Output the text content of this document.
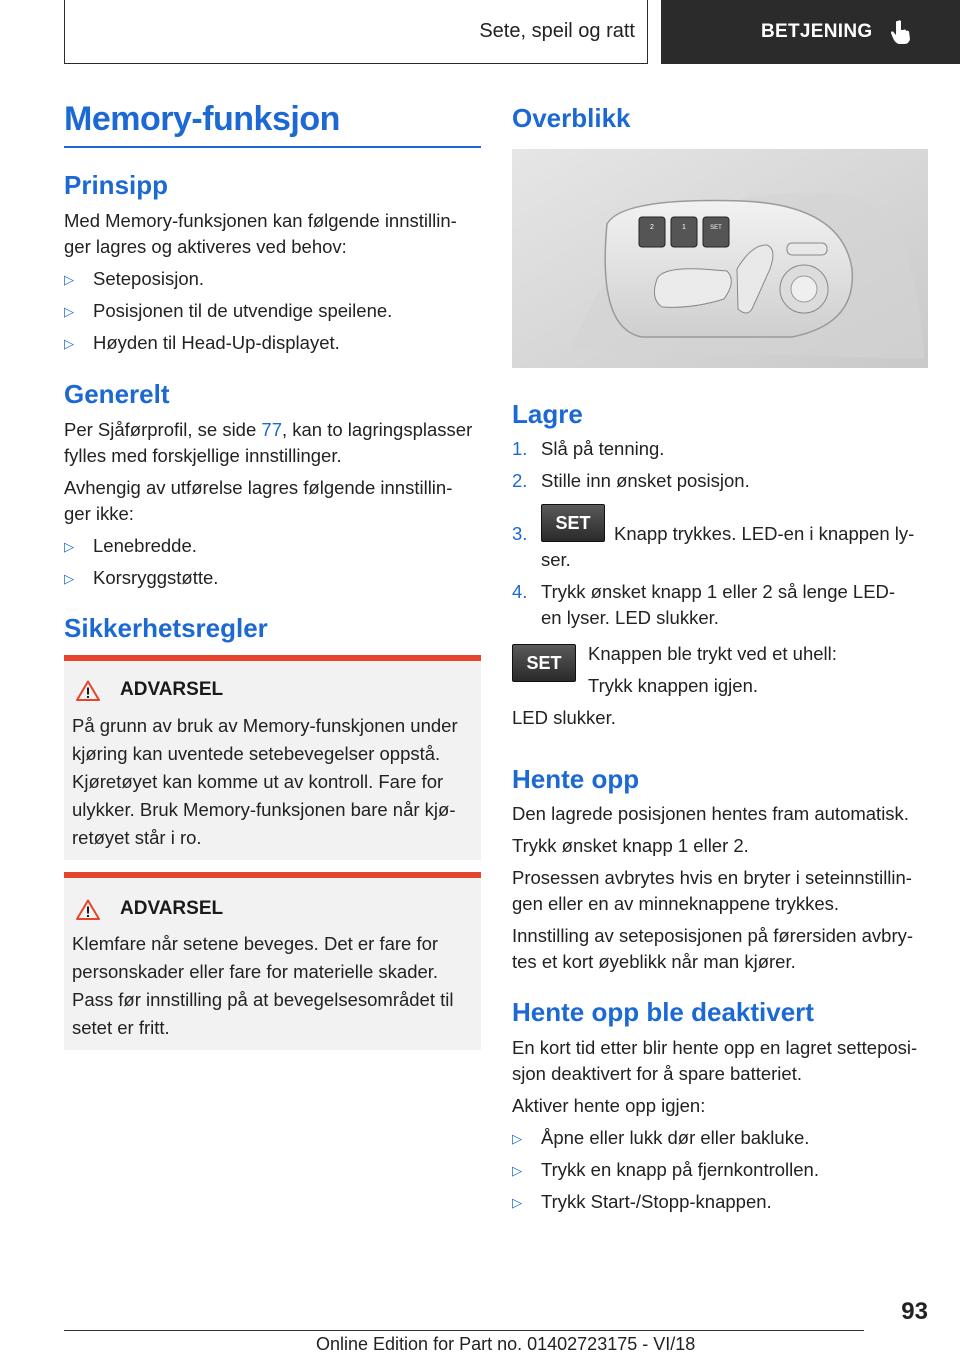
Sete, speil og ratt	BETJENING
Memory-funksjon
Prinsipp

Med Memory-funksjonen kan følgende innstillin‐

ger lagres og aktiveres ved behov:

▷ Seteposisjon.
▷ Posisjonen til de utvendige speilene.
▷ Høyden til Head-Up-displayet.
Generelt

Per Sjåførprofil, se side 77, kan to lagringsplasser

fylles med forskjellige innstillinger.

Avhengig av utførelse lagres følgende innstillin‐

ger ikke:

▷ Lenebredde.
▷ Korsryggstøtte.
Sikkerhetsregler
ADVARSEL
På grunn av bruk av Memory-funskjonen under
kjøring kan uventede setebevegelser oppstå.
Kjøretøyet kan komme ut av kontroll. Fare for
ulykker. Bruk Memory-funksjonen bare når kjø‐
retøyet står i ro.
ADVARSEL
Klemfare når setene beveges. Det er fare for
personskader eller fare for materielle skader.
Pass før innstilling på at bevegelsesområdet til
setet er fritt.
Overblikk
2	1	SET
Lagre
1. Slå på tenning.
2. Stille inn ønsket posisjon.
3.	SET	Knapp trykkes. LED-en i knappen ly‐

ser.

4. Trykk ønsket knapp 1 eller 2 så lenge LED-

en lyser. LED slukker.

SET	Knappen ble trykt ved et uhell:

Trykk knappen igjen.

LED slukker.

Hente opp

Den lagrede posisjonen hentes fram automatisk.

Trykk ønsket knapp 1 eller 2.

Prosessen avbrytes hvis en bryter i seteinnstillin‐

gen eller en av minneknappene trykkes.

Innstilling av seteposisjonen på førersiden avbry‐

tes et kort øyeblikk når man kjører.

Hente opp ble deaktivert

En kort tid etter blir hente opp en lagret setteposi‐

sjon deaktivert for å spare batteriet.

Aktiver hente opp igjen:

▷ Åpne eller lukk dør eller bakluke.
▷ Trykk en knapp på fjernkontrollen.
▷ Trykk Start-/Stopp-knappen.
93
Online Edition for Part no. 01402723175 - VI/18
